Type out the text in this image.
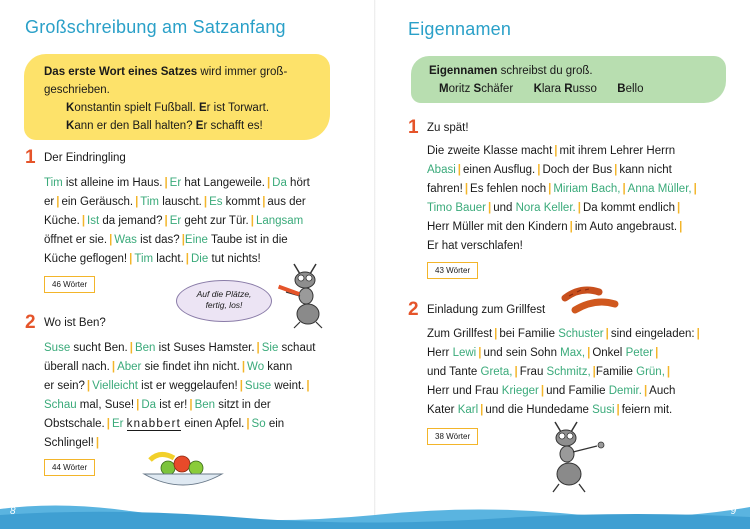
Großschreibung am Satzanfang
Das erste Wort eines Satzes wird immer groß-
geschrieben.
Konstantin spielt Fußball. Er ist Torwart.
Kann er den Ball halten? Er schafft es!
1 Der Eindringling
Tim ist alleine im Haus. | Er hat Langeweile. | Da hört
er | ein Geräusch. | Tim lauscht. | Es kommt | aus der
Küche. | Ist da jemand? | Er geht zur Tür. | Langsam
öffnet er sie. | Was ist das? |Eine Taube ist in die
Küche geflogen! | Tim lacht. | Die tut nichts!
46 Wörter
Auf die Plätze,
fertig, los!
2 Wo ist Ben?
Suse sucht Ben. | Ben ist Suses Hamster. | Sie schaut
überall nach. | Aber sie findet ihn nicht. | Wo kann
er sein? | Vielleicht ist er weggelaufen! | Suse weint. |
Schau mal, Suse! | Da ist er! | Ben sitzt in der
Obstschale. | Er knabbert einen Apfel. | So ein
Schlingel! |
44 Wörter
8
Eigennamen
Eigennamen schreibst du groß.
Moritz Schäfer Klara Russo Bello
1 Zu spät!
Die zweite Klasse macht | mit ihrem Lehrer Herrn
Abasi | einen Ausflug. | Doch der Bus | kann nicht
fahren! | Es fehlen noch | Miriam Bach, | Anna Müller, |
Timo Bauer | und Nora Keller. | Da kommt endlich |
Herr Müller mit den Kindern | im Auto angebraust. |
Er hat verschlafen!
43 Wörter
2 Einladung zum Grillfest
Zum Grillfest | bei Familie Schuster | sind eingeladen: |
Herr Lewi | und sein Sohn Max, | Onkel Peter |
und Tante Greta, | Frau Schmitz, |Familie Grün, |
Herr und Frau Krieger | und Familie Demir. | Auch
Kater Karl | und die Hundedame Susi | feiern mit.
38 Wörter
9
